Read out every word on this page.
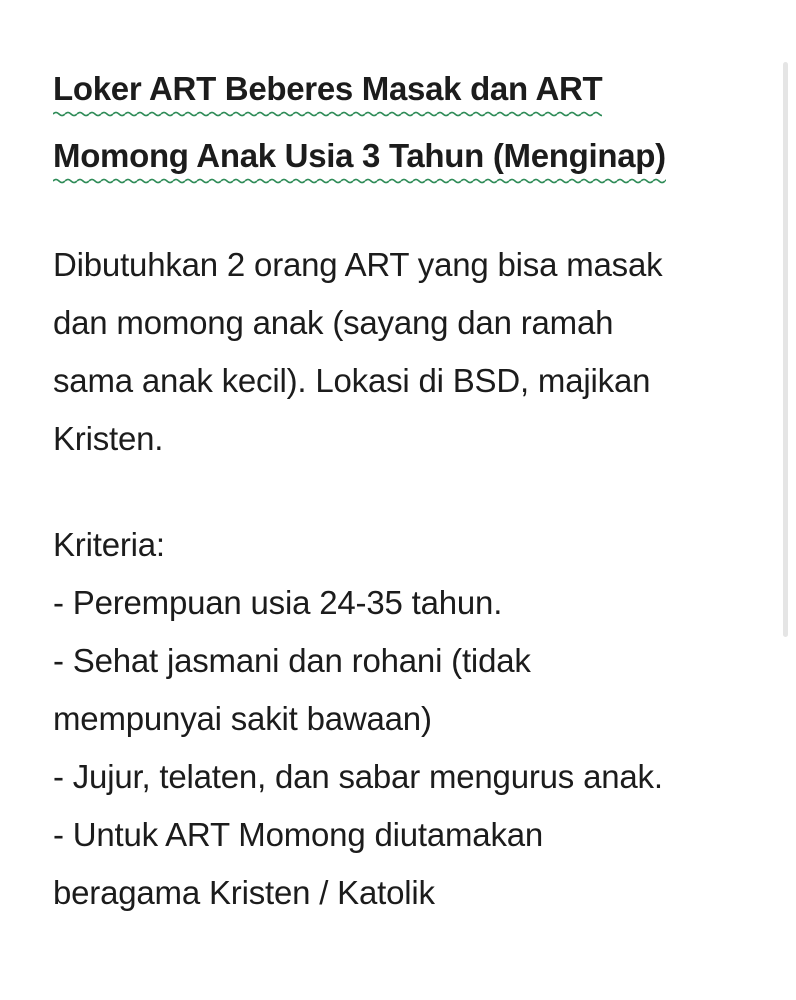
Loker ART Beberes Masak dan ART
Momong Anak Usia 3 Tahun (Menginap)

Dibutuhkan 2 orang ART yang bisa masak

dan momong anak (sayang dan ramah

sama anak kecil). Lokasi di BSD, majikan

Kristen.

Kriteria:

- Perempuan usia 24-35 tahun.

- Sehat jasmani dan rohani (tidak

mempunyai sakit bawaan)

- Jujur, telaten, dan sabar mengurus anak.

- Untuk ART Momong diutamakan

beragama Kristen / Katolik
